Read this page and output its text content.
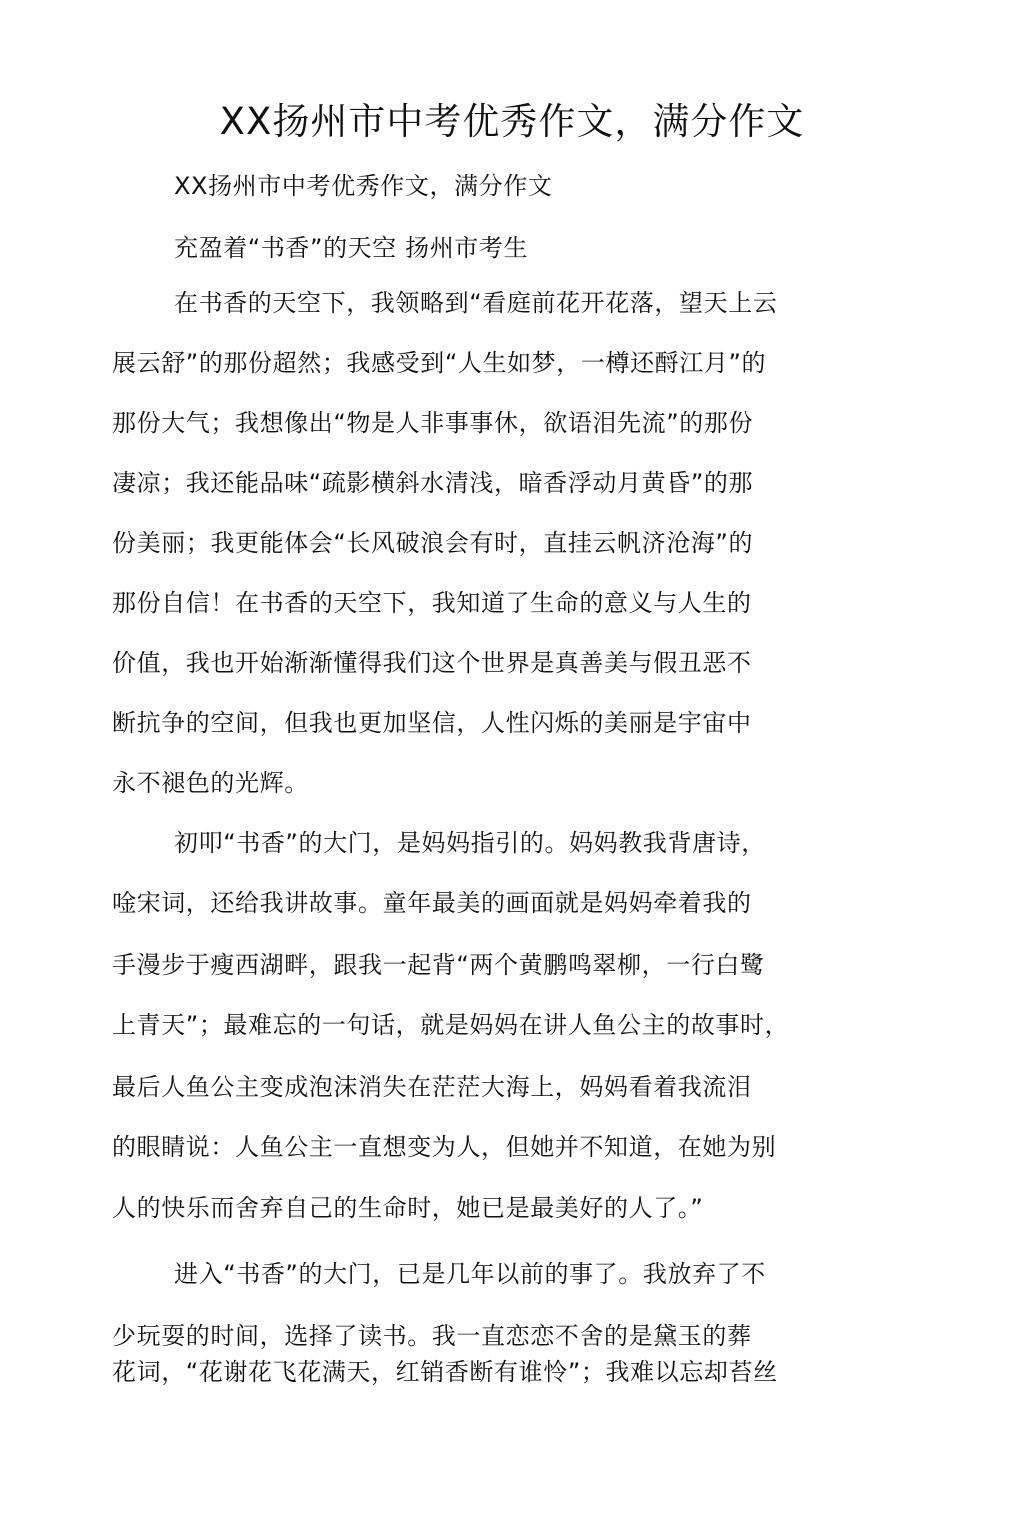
XX扬州市中考优秀作文，满分作文
XX扬州市中考优秀作文，满分作文
充盈着“书香”的天空 扬州市考生
在书香的天空下，我领略到“看庭前花开花落，望天上云
展云舒”的那份超然；我感受到“人生如梦，一樽还酹江月”的
那份大气；我想像出“物是人非事事休，欲语泪先流”的那份
凄凉；我还能品味“疏影横斜水清浅，暗香浮动月黄昏”的那
份美丽；我更能体会“长风破浪会有时，直挂云帆济沧海”的
那份自信！在书香的天空下，我知道了生命的意义与人生的
价值，我也开始渐渐懂得我们这个世界是真善美与假丑恶不
断抗争的空间，但我也更加坚信，人性闪烁的美丽是宇宙中
永不褪色的光辉。
初叩“书香”的大门，是妈妈指引的。妈妈教我背唐诗，
唫宋词，还给我讲故事。童年最美的画面就是妈妈牵着我的
手漫步于瘦西湖畔，跟我一起背“两个黄鹏鸣翠柳，一行白鹭
上青天”；最难忘的一句话，就是妈妈在讲人鱼公主的故事时，
最后人鱼公主变成泡沫消失在茫茫大海上，妈妈看着我流泪
的眼睛说：人鱼公主一直想变为人，但她并不知道，在她为别
人的快乐而舍弃自己的生命时，她已是最美好的人了。”
进入“书香”的大门，已是几年以前的事了。我放弃了不
少玩耍的时间，选择了读书。我一直恋恋不舍的是黛玉的葬
花词，“花谢花飞花满天，红销香断有谁怜”；我难以忘却苔丝
